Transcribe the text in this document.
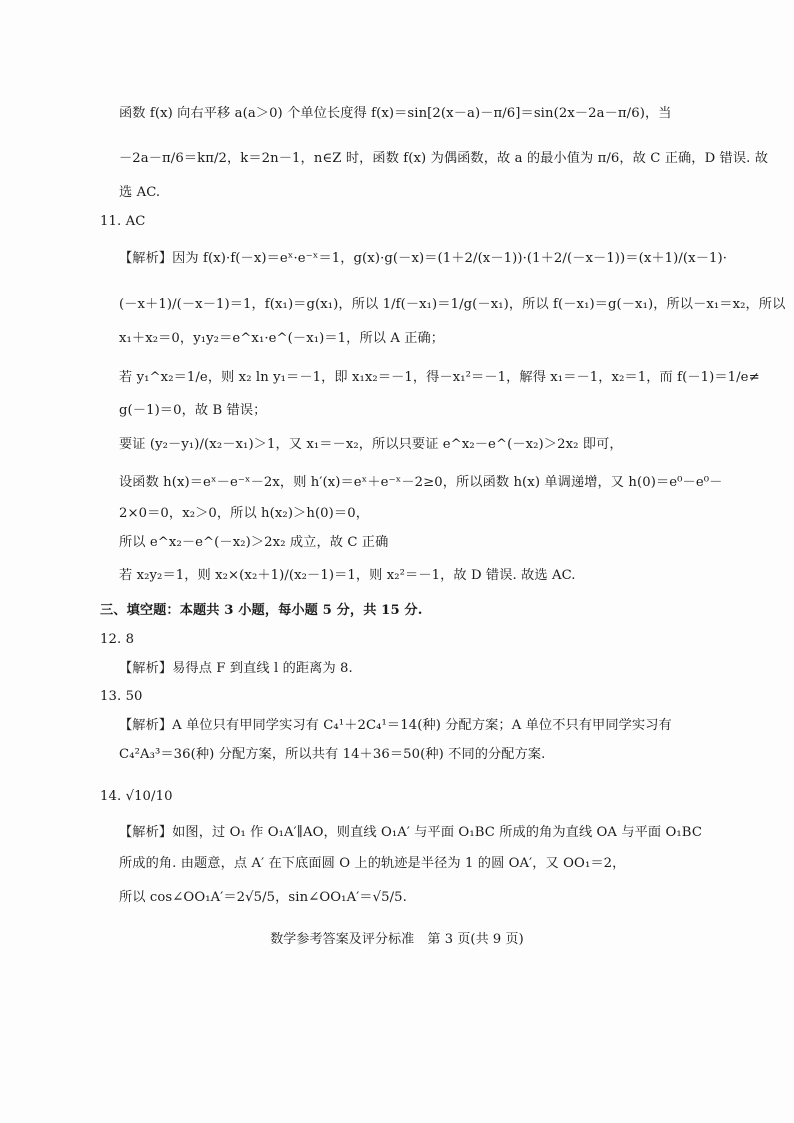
函数 f(x) 向右平移 a(a＞0) 个单位长度得 f(x)＝sin[2(x－a)－π/6]＝sin(2x－2a－π/6)，当
－2a－π/6＝kπ/2，k＝2n－1，n∈Z 时，函数 f(x) 为偶函数，故 a 的最小值为 π/6，故 C 正确，D 错误. 故
选 AC.
11. AC
【解析】因为 f(x)·f(－x)＝eˣ·e⁻ˣ＝1，g(x)·g(－x)＝(1＋2/(x－1))·(1＋2/(－x－1))＝(x＋1)/(x－1)·
(－x＋1)/(－x－1)＝1，f(x₁)＝g(x₁)，所以 1/f(－x₁)＝1/g(－x₁)，所以 f(－x₁)＝g(－x₁)，所以－x₁＝x₂，所以
x₁＋x₂＝0，y₁y₂＝e^x₁·e^(－x₁)＝1，所以 A 正确；
若 y₁^x₂＝1/e，则 x₂ ln y₁＝－1，即 x₁x₂＝－1，得－x₁²＝－1，解得 x₁＝－1，x₂＝1，而 f(－1)＝1/e≠
g(－1)＝0，故 B 错误；
要证 (y₂－y₁)/(x₂－x₁)＞1，又 x₁＝－x₂，所以只要证 e^x₂－e^(－x₂)＞2x₂ 即可，
设函数 h(x)＝eˣ－e⁻ˣ－2x，则 h′(x)＝eˣ＋e⁻ˣ－2≥0，所以函数 h(x) 单调递增，又 h(0)＝e⁰－e⁰－
2×0＝0，x₂＞0，所以 h(x₂)＞h(0)＝0，
所以 e^x₂－e^(－x₂)＞2x₂ 成立，故 C 正确
若 x₂y₂＝1，则 x₂×(x₂＋1)/(x₂－1)＝1，则 x₂²＝－1，故 D 错误. 故选 AC.
三、填空题：本题共 3 小题，每小题 5 分，共 15 分.
12. 8
【解析】易得点 F 到直线 l 的距离为 8.
13. 50
【解析】A 单位只有甲同学实习有 C₄¹＋2C₄¹＝14(种) 分配方案；A 单位不只有甲同学实习有
C₄²A₃³＝36(种) 分配方案，所以共有 14＋36＝50(种) 不同的分配方案.
14. √10/10
【解析】如图，过 O₁ 作 O₁A′∥AO，则直线 O₁A′ 与平面 O₁BC 所成的角为直线 OA 与平面 O₁BC
所成的角. 由题意，点 A′ 在下底面圆 O 上的轨迹是半径为 1 的圆 OA′，又 OO₁＝2，
所以 cos∠OO₁A′＝2√5/5，sin∠OO₁A′＝√5/5.
数学参考答案及评分标准　第 3 页(共 9 页)
